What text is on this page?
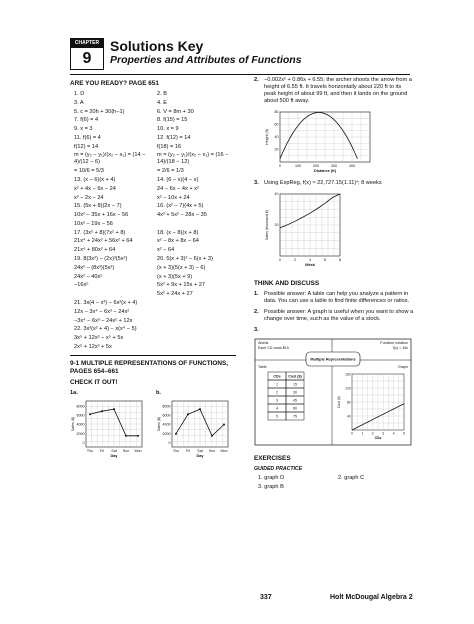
CHAPTER
9
Solutions Key
Properties and Attributes of Functions
ARE YOU READY? PAGE 651
1. D	2. B
3. A	4. E
5. c = 20h + 30(h−1)	6. V = 8m + 30
7. f(6) = 4	8. f(15) = 15
9. x = 3	10. x = 9
11. f(6) = 4	12. f(12) = 14
f(12) = 14	f(18) = 16
m = (y₂ − y₁)/(x₂ − x₁) = (14 − 4)/(12 − 6)
m = (y₂ − y₁)/(x₂ − x₁) = (16 − 14)/(18 − 12)
= 10/6 = 5/3	= 2/6 = 1/3
13. (x − 6)(x + 4)	14. (6 − x)(4 − x)
x² + 4x − 6x − 24	24 − 6x − 4x + x²
x² − 2x − 24	x² − 10x + 24
15. (5x + 8)(2x − 7)	16. (x² − 7)(4x + 5)
10x² − 35x + 16x − 56	4x³ + 5x² − 28x − 35
10x² − 19x − 56
17. (3x² + 8)(7x² + 8)	18. (x − 8)(x + 8)
21x⁴ + 24x² + 56x² + 64	x² − 8x + 8x − 64
21x⁴ + 80x² + 64	x² − 64
19. 8(3x²) − (2x)³(5x²)	20. 5(x + 3)² − 6(x + 3)
24x² − (8x³)(5x²)	(x + 3)(5(x + 3) − 6)
24x² − 40x⁵	(x + 3)(5x + 9)
−16x⁵	5x² + 9x + 15x + 27
5x² + 24x + 27
21. 3x(4 − x³) − 6x²(x + 4)
12x − 3x⁴ − 6x³ − 24x²
−3x⁴ − 6x³ − 24x² + 12x
22. 3x³(x² + 4) − x(x⁴ − 5)
3x⁵ + 12x³ − x⁵ + 5x
2x⁵ + 12x³ + 5x
9-1 MULTIPLE REPRESENTATIONS OF FUNCTIONS, PAGES 654–661
CHECK IT OUT!
1a.	b.
Thu Fri Sat Sun Mon
8000
6000
4000
2000
0
Day
Sales ($)
Thu Fri Sat Sun Mon
8000
6000
4000
2000
0
Day
Sales ($)
2. −0.002x² + 0.86x + 6.55; the archer shoots the arrow from a height of 6.55 ft. It travels horizontally about 220 ft to its peak height of about 99 ft, and then it lands on the ground about 500 ft away.
0	100	200	300	400
80
60
40
20
Distance (ft)
Height (ft)
3. Using ExpReg, f(x) ≈ 22,727.15(1.11)ˣ; 8 weeks
0	2	4	6	8
40
20
Week
Sales (thousand $)
THINK AND DISCUSS
1. Possible answer: A table can help you analyze a pattern in data. You can use a table to find finite differences or ratios.
2. Possible answer: A graph is useful when you want to show a change over time, such as the value of a stock.
3.
Words
Each CD costs $15.
Function notation
f(x) = 15x
Multiple Representations
Table	Graph
CDs Cost ($)
1	15
2	30
3	45
4	60
5	75
160
120
80
40
0	1	2	3	4	5
CDs
Cost ($)
EXERCISES
GUIDED PRACTICE
1. graph D	2. graph C
3. graph B
337	Holt McDougal Algebra 2
